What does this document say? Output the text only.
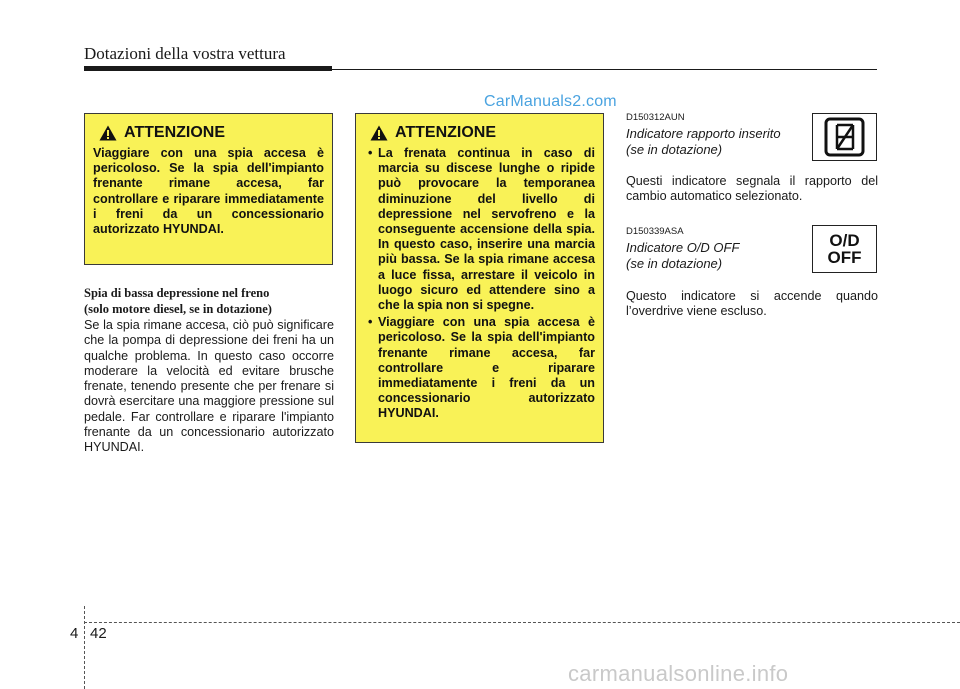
Dotazioni della vostra vettura
CarManuals2.com
ATTENZIONE
Viaggiare con una spia accesa è pericoloso. Se la spia dell'impianto frenante rimane accesa, far controllare e riparare immediatamente i freni da un concessionario autorizzato HYUNDAI.
Spia di bassa depressione nel freno
(solo motore diesel, se in dotazione)
Se la spia rimane accesa, ciò può significare che la pompa di depressione dei freni ha un qualche problema. In questo caso occorre moderare la velocità ed evitare brusche frenate, tenendo presente che per frenare si dovrà esercitare una maggiore pressione sul pedale. Far controllare e riparare l'impianto frenante da un concessionario autorizzato HYUNDAI.
ATTENZIONE
• La frenata continua in caso di marcia su discese lunghe o ripide può provocare la temporanea diminuzione del livello di depressione nel servofreno e la conseguente accensione della spia. In questo caso, inserire una marcia più bassa. Se la spia rimane accesa a luce fissa, arrestare il veicolo in luogo sicuro ed attendere sino a che la spia non si spegne.
• Viaggiare con una spia accesa è pericoloso. Se la spia dell'impianto frenante rimane accesa, far controllare e riparare immediatamente i freni da un concessionario autorizzato HYUNDAI.
D150312AUN
Indicatore rapporto inserito
(se in dotazione)
Questi indicatore segnala il rapporto del cambio automatico selezionato.
D150339ASA
Indicatore O/D OFF
(se in dotazione)
O/D
OFF
Questo indicatore si accende quando l’overdrive viene escluso.
4 42
carmanualsonline.info
